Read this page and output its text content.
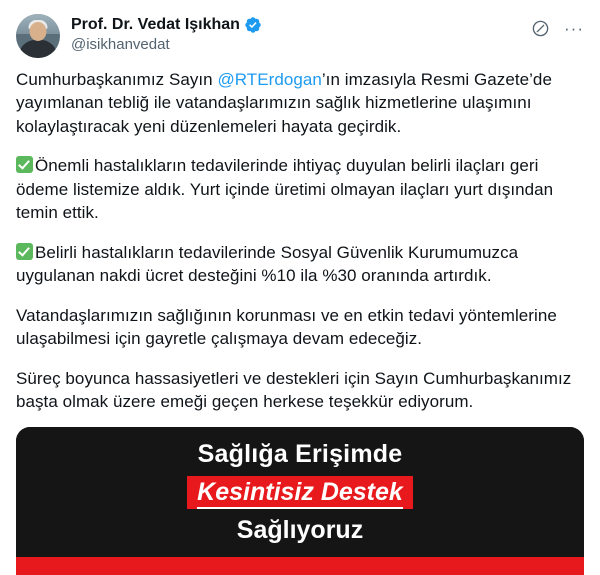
Prof. Dr. Vedat Işıkhan
@isikhanvedat
···

Cumhurbaşkanımız Sayın @RTErdogan’ın imzasıyla Resmi Gazete’de yayımlanan tebliğ ile vatandaşlarımızın sağlık hizmetlerine ulaşımını kolaylaştıracak yeni düzenlemeleri hayata geçirdik.

Önemli hastalıkların tedavilerinde ihtiyaç duyulan belirli ilaçları geri ödeme listemize aldık. Yurt içinde üretimi olmayan ilaçları yurt dışından temin ettik.

Belirli hastalıkların tedavilerinde Sosyal Güvenlik Kurumumuzca uygulanan nakdi ücret desteğini %10 ila %30 oranında artırdık.

Vatandaşlarımızın sağlığının korunması ve en etkin tedavi yöntemlerine ulaşabilmesi için gayretle çalışmaya devam edeceğiz.

Süreç boyunca hassasiyetleri ve destekleri için Sayın Cumhurbaşkanımız başta olmak üzere emeği geçen herkese teşekkür ediyorum.

Sağlığa Erişimde
Kesintisiz Destek
Sağlıyoruz
